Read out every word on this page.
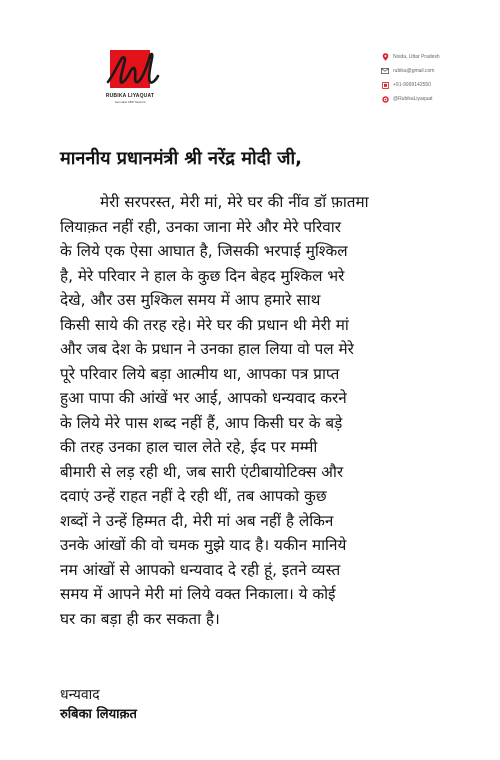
RUBIKA LIYAQUAT
Journalist ABP Network
Noida, Uttar Pradesh
rubika@gmail.com
+91-9999142550
@RubikaLiyaquat
माननीय प्रधानमंत्री श्री नरेंद्र मोदी जी,
मेरी सरपरस्त, मेरी मां, मेरे घर की नींव डॉ फ़ातमा
लियाक़त नहीं रही, उनका जाना मेरे और मेरे परिवार
के लिये एक ऐसा आघात है, जिसकी भरपाई मुश्किल
है, मेरे परिवार ने हाल के कुछ दिन बेहद मुश्किल भरे
देखे, और उस मुश्किल समय में आप हमारे साथ
किसी साये की तरह रहे। मेरे घर की प्रधान थी मेरी मां
और जब देश के प्रधान ने उनका हाल लिया वो पल मेरे
पूरे परिवार लिये बड़ा आत्मीय था, आपका पत्र प्राप्त
हुआ पापा की आंखें भर आई, आपको धन्यवाद करने
के लिये मेरे पास शब्द नहीं हैं, आप किसी घर के बड़े
की तरह उनका हाल चाल लेते रहे, ईद पर मम्मी
बीमारी से लड़ रही थी, जब सारी एंटीबायोटिक्स और
दवाएं उन्हें राहत नहीं दे रही थीं, तब आपको कुछ
शब्दों ने उन्हें हिम्मत दी, मेरी मां अब नहीं है लेकिन
उनके आंखों की वो चमक मुझे याद है। यकीन मानिये
नम आंखों से आपको धन्यवाद दे रही हूं, इतने व्यस्त
समय में आपने मेरी मां लिये वक्त निकाला। ये कोई
घर का बड़ा ही कर सकता है।
धन्यवाद
रुबिका लियाक़त
